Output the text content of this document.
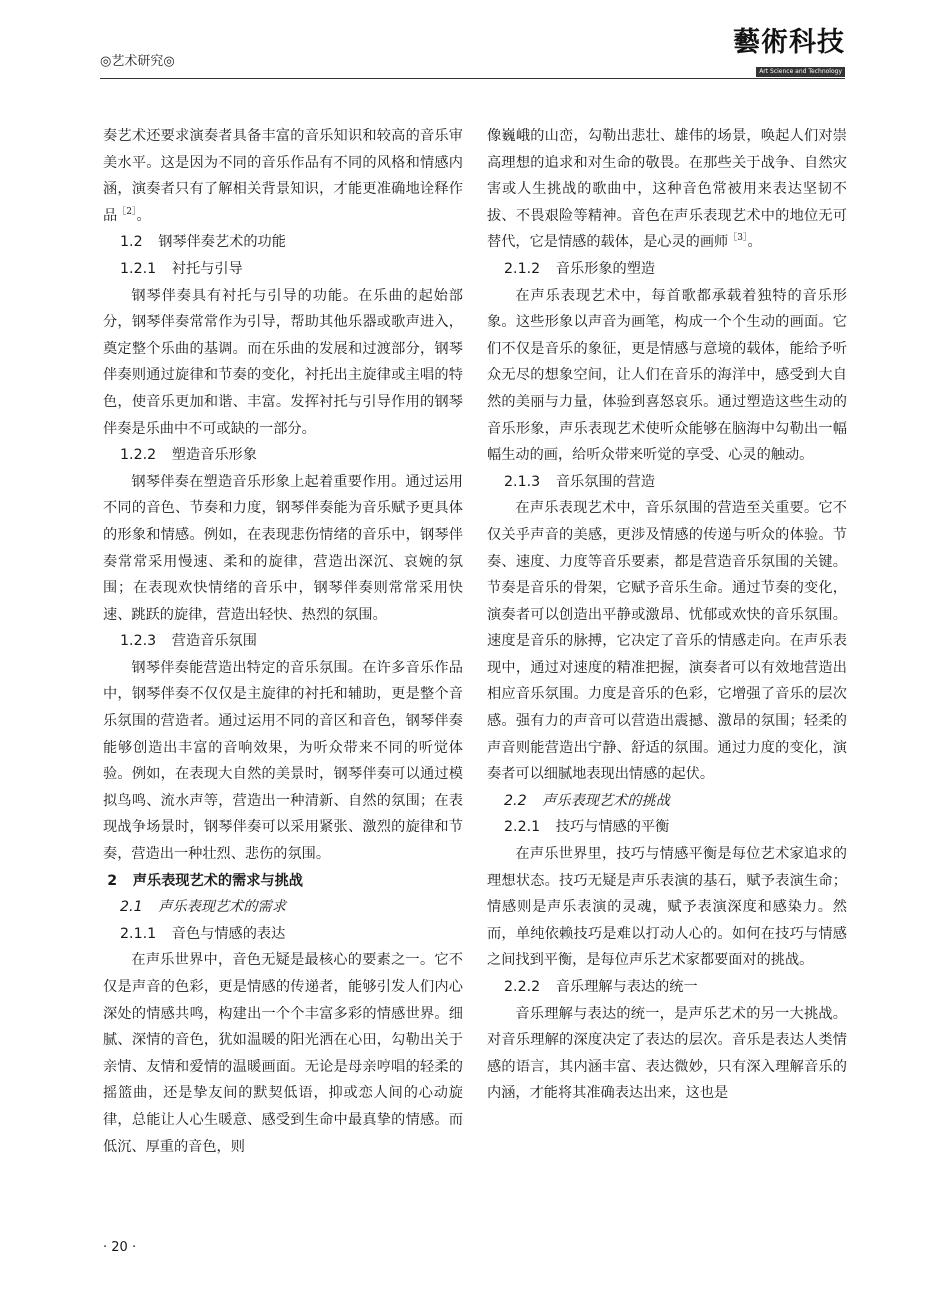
◎艺术研究◎
藝術科技
Art Science and Technology

奏艺术还要求演奏者具备丰富的音乐知识和较高的音乐审美水平。这是因为不同的音乐作品有不同的风格和情感内涵，演奏者只有了解相关背景知识，才能更准确地诠释作品$^{[2]}$。

1.2 钢琴伴奏艺术的功能

1.2.1 衬托与引导

钢琴伴奏具有衬托与引导的功能。在乐曲的起始部分，钢琴伴奏常常作为引导，帮助其他乐器或歌声进入，奠定整个乐曲的基调。而在乐曲的发展和过渡部分，钢琴伴奏则通过旋律和节奏的变化，衬托出主旋律或主唱的特色，使音乐更加和谐、丰富。发挥衬托与引导作用的钢琴伴奏是乐曲中不可或缺的一部分。

1.2.2 塑造音乐形象

钢琴伴奏在塑造音乐形象上起着重要作用。通过运用不同的音色、节奏和力度，钢琴伴奏能为音乐赋予更具体的形象和情感。例如，在表现悲伤情绪的音乐中，钢琴伴奏常常采用慢速、柔和的旋律，营造出深沉、哀婉的氛围；在表现欢快情绪的音乐中，钢琴伴奏则常常采用快速、跳跃的旋律，营造出轻快、热烈的氛围。

1.2.3 营造音乐氛围

钢琴伴奏能营造出特定的音乐氛围。在许多音乐作品中，钢琴伴奏不仅仅是主旋律的衬托和辅助，更是整个音乐氛围的营造者。通过运用不同的音区和音色，钢琴伴奏能够创造出丰富的音响效果，为听众带来不同的听觉体验。例如，在表现大自然的美景时，钢琴伴奏可以通过模拟鸟鸣、流水声等，营造出一种清新、自然的氛围；在表现战争场景时，钢琴伴奏可以采用紧张、激烈的旋律和节奏，营造出一种壮烈、悲伤的氛围。

2 声乐表现艺术的需求与挑战

2.1 声乐表现艺术的需求

2.1.1 音色与情感的表达

在声乐世界中，音色无疑是最核心的要素之一。它不仅是声音的色彩，更是情感的传递者，能够引发人们内心深处的情感共鸣，构建出一个个丰富多彩的情感世界。细腻、深情的音色，犹如温暖的阳光洒在心田，勾勒出关于亲情、友情和爱情的温暖画面。无论是母亲哼唱的轻柔的摇篮曲，还是挚友间的默契低语，抑或恋人间的心动旋律，总能让人心生暖意、感受到生命中最真挚的情感。而低沉、厚重的音色，则

像巍峨的山峦，勾勒出悲壮、雄伟的场景，唤起人们对崇高理想的追求和对生命的敬畏。在那些关于战争、自然灾害或人生挑战的歌曲中，这种音色常被用来表达坚韧不拔、不畏艰险等精神。音色在声乐表现艺术中的地位无可替代，它是情感的载体，是心灵的画师$^{[3]}$。

2.1.2 音乐形象的塑造

在声乐表现艺术中，每首歌都承载着独特的音乐形象。这些形象以声音为画笔，构成一个个生动的画面。它们不仅是音乐的象征，更是情感与意境的载体，能给予听众无尽的想象空间，让人们在音乐的海洋中，感受到大自然的美丽与力量，体验到喜怒哀乐。通过塑造这些生动的音乐形象，声乐表现艺术使听众能够在脑海中勾勒出一幅幅生动的画，给听众带来听觉的享受、心灵的触动。

2.1.3 音乐氛围的营造

在声乐表现艺术中，音乐氛围的营造至关重要。它不仅关乎声音的美感，更涉及情感的传递与听众的体验。节奏、速度、力度等音乐要素，都是营造音乐氛围的关键。节奏是音乐的骨架，它赋予音乐生命。通过节奏的变化，演奏者可以创造出平静或激昂、忧郁或欢快的音乐氛围。速度是音乐的脉搏，它决定了音乐的情感走向。在声乐表现中，通过对速度的精准把握，演奏者可以有效地营造出相应音乐氛围。力度是音乐的色彩，它增强了音乐的层次感。强有力的声音可以营造出震撼、激昂的氛围；轻柔的声音则能营造出宁静、舒适的氛围。通过力度的变化，演奏者可以细腻地表现出情感的起伏。

2.2 声乐表现艺术的挑战

2.2.1 技巧与情感的平衡

在声乐世界里，技巧与情感平衡是每位艺术家追求的理想状态。技巧无疑是声乐表演的基石，赋予表演生命；情感则是声乐表演的灵魂，赋予表演深度和感染力。然而，单纯依赖技巧是难以打动人心的。如何在技巧与情感之间找到平衡，是每位声乐艺术家都要面对的挑战。

2.2.2 音乐理解与表达的统一

音乐理解与表达的统一，是声乐艺术的另一大挑战。对音乐理解的深度决定了表达的层次。音乐是表达人类情感的语言，其内涵丰富、表达微妙，只有深入理解音乐的内涵，才能将其准确表达出来，这也是

· 20 ·
